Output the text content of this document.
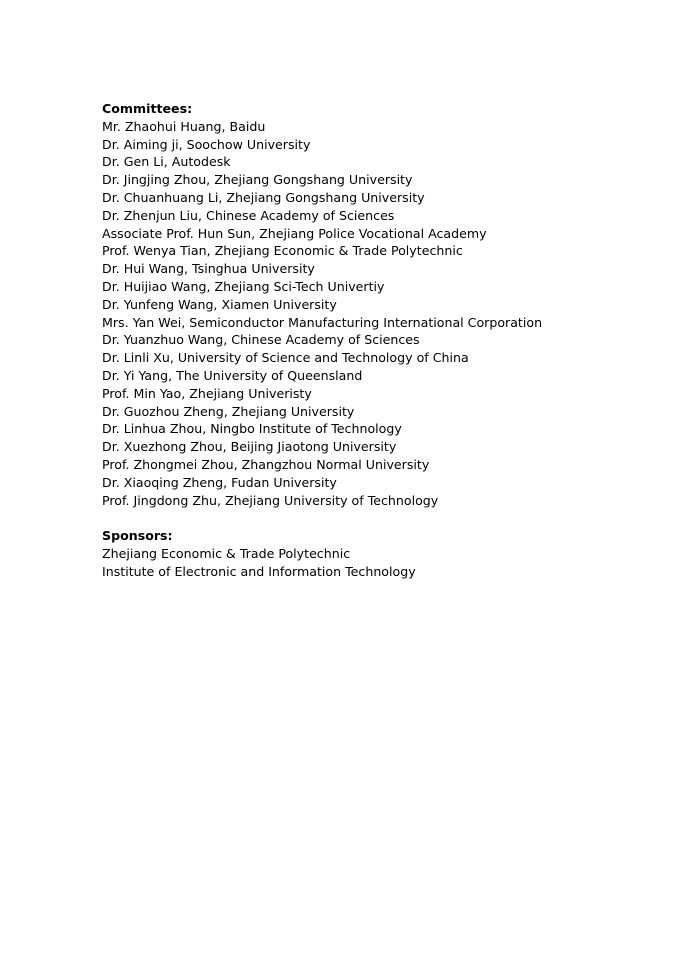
Committees:

Mr. Zhaohui Huang, Baidu

Dr. Aiming ji, Soochow University

Dr. Gen Li, Autodesk

Dr. Jingjing Zhou, Zhejiang Gongshang University

Dr. Chuanhuang Li, Zhejiang Gongshang University

Dr. Zhenjun Liu, Chinese Academy of Sciences

Associate Prof. Hun Sun, Zhejiang Police Vocational Academy

Prof. Wenya Tian, Zhejiang Economic & Trade Polytechnic

Dr. Hui Wang, Tsinghua University

Dr. Huijiao Wang, Zhejiang Sci-Tech Univertiy

Dr. Yunfeng Wang, Xiamen University

Mrs. Yan Wei, Semiconductor Manufacturing International Corporation

Dr. Yuanzhuo Wang, Chinese Academy of Sciences

Dr. Linli Xu, University of Science and Technology of China

Dr. Yi Yang, The University of Queensland

Prof. Min Yao, Zhejiang Univeristy

Dr. Guozhou Zheng, Zhejiang University

Dr. Linhua Zhou, Ningbo Institute of Technology

Dr. Xuezhong Zhou, Beijing Jiaotong University

Prof. Zhongmei Zhou, Zhangzhou Normal University

Dr. Xiaoqing Zheng, Fudan University

Prof. Jingdong Zhu, Zhejiang University of Technology

Sponsors:

Zhejiang Economic & Trade Polytechnic

Institute of Electronic and Information Technology
